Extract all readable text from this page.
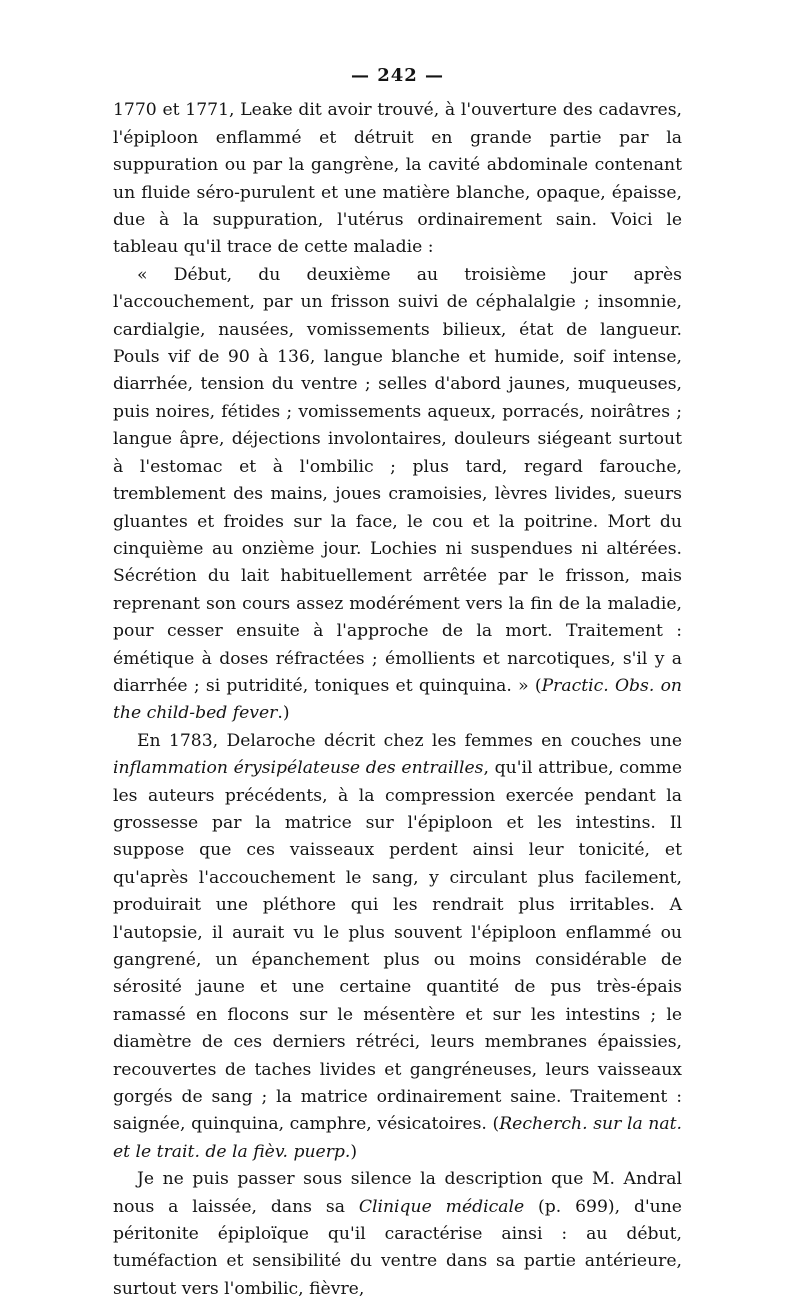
— 242 —

1770 et 1771, Leake dit avoir trouvé, à l'ouverture des cadavres, l'épiploon enflammé et détruit en grande partie par la suppuration ou par la gangrène, la cavité abdominale contenant un fluide séro-purulent et une matière blanche, opaque, épaisse, due à la suppuration, l'utérus ordinairement sain. Voici le tableau qu'il trace de cette maladie :

« Début, du deuxième au troisième jour après l'accouchement, par un frisson suivi de céphalalgie ; insomnie, cardialgie, nausées, vomissements bilieux, état de langueur. Pouls vif de 90 à 136, langue blanche et humide, soif intense, diarrhée, tension du ventre ; selles d'abord jaunes, muqueuses, puis noires, fétides ; vomissements aqueux, porracés, noirâtres ; langue âpre, déjections involontaires, douleurs siégeant surtout à l'estomac et à l'ombilic ; plus tard, regard farouche, tremblement des mains, joues cramoisies, lèvres livides, sueurs gluantes et froides sur la face, le cou et la poitrine. Mort du cinquième au onzième jour. Lochies ni suspendues ni altérées. Sécrétion du lait habituellement arrêtée par le frisson, mais reprenant son cours assez modérément vers la fin de la maladie, pour cesser ensuite à l'approche de la mort. Traitement : émétique à doses réfractées ; émollients et narcotiques, s'il y a diarrhée ; si putridité, toniques et quinquina. » (Practic. Obs. on the child-bed fever.)

En 1783, Delaroche décrit chez les femmes en couches une inflammation érysipélateuse des entrailles, qu'il attribue, comme les auteurs précédents, à la compression exercée pendant la grossesse par la matrice sur l'épiploon et les intestins. Il suppose que ces vaisseaux perdent ainsi leur tonicité, et qu'après l'accouchement le sang, y circulant plus facilement, produirait une pléthore qui les rendrait plus irritables. A l'autopsie, il aurait vu le plus souvent l'épiploon enflammé ou gangrené, un épanchement plus ou moins considérable de sérosité jaune et une certaine quantité de pus très-épais ramassé en flocons sur le mésentère et sur les intestins ; le diamètre de ces derniers rétréci, leurs membranes épaissies, recouvertes de taches livides et gangréneuses, leurs vaisseaux gorgés de sang ; la matrice ordinairement saine. Traitement : saignée, quinquina, camphre, vésicatoires. (Recherch. sur la nat. et le trait. de la fièv. puerp.)

Je ne puis passer sous silence la description que M. Andral nous a laissée, dans sa Clinique médicale (p. 699), d'une péritonite épiploïque qu'il caractérise ainsi : au début, tuméfaction et sensibilité du ventre dans sa partie antérieure, surtout vers l'ombilic, fièvre,
